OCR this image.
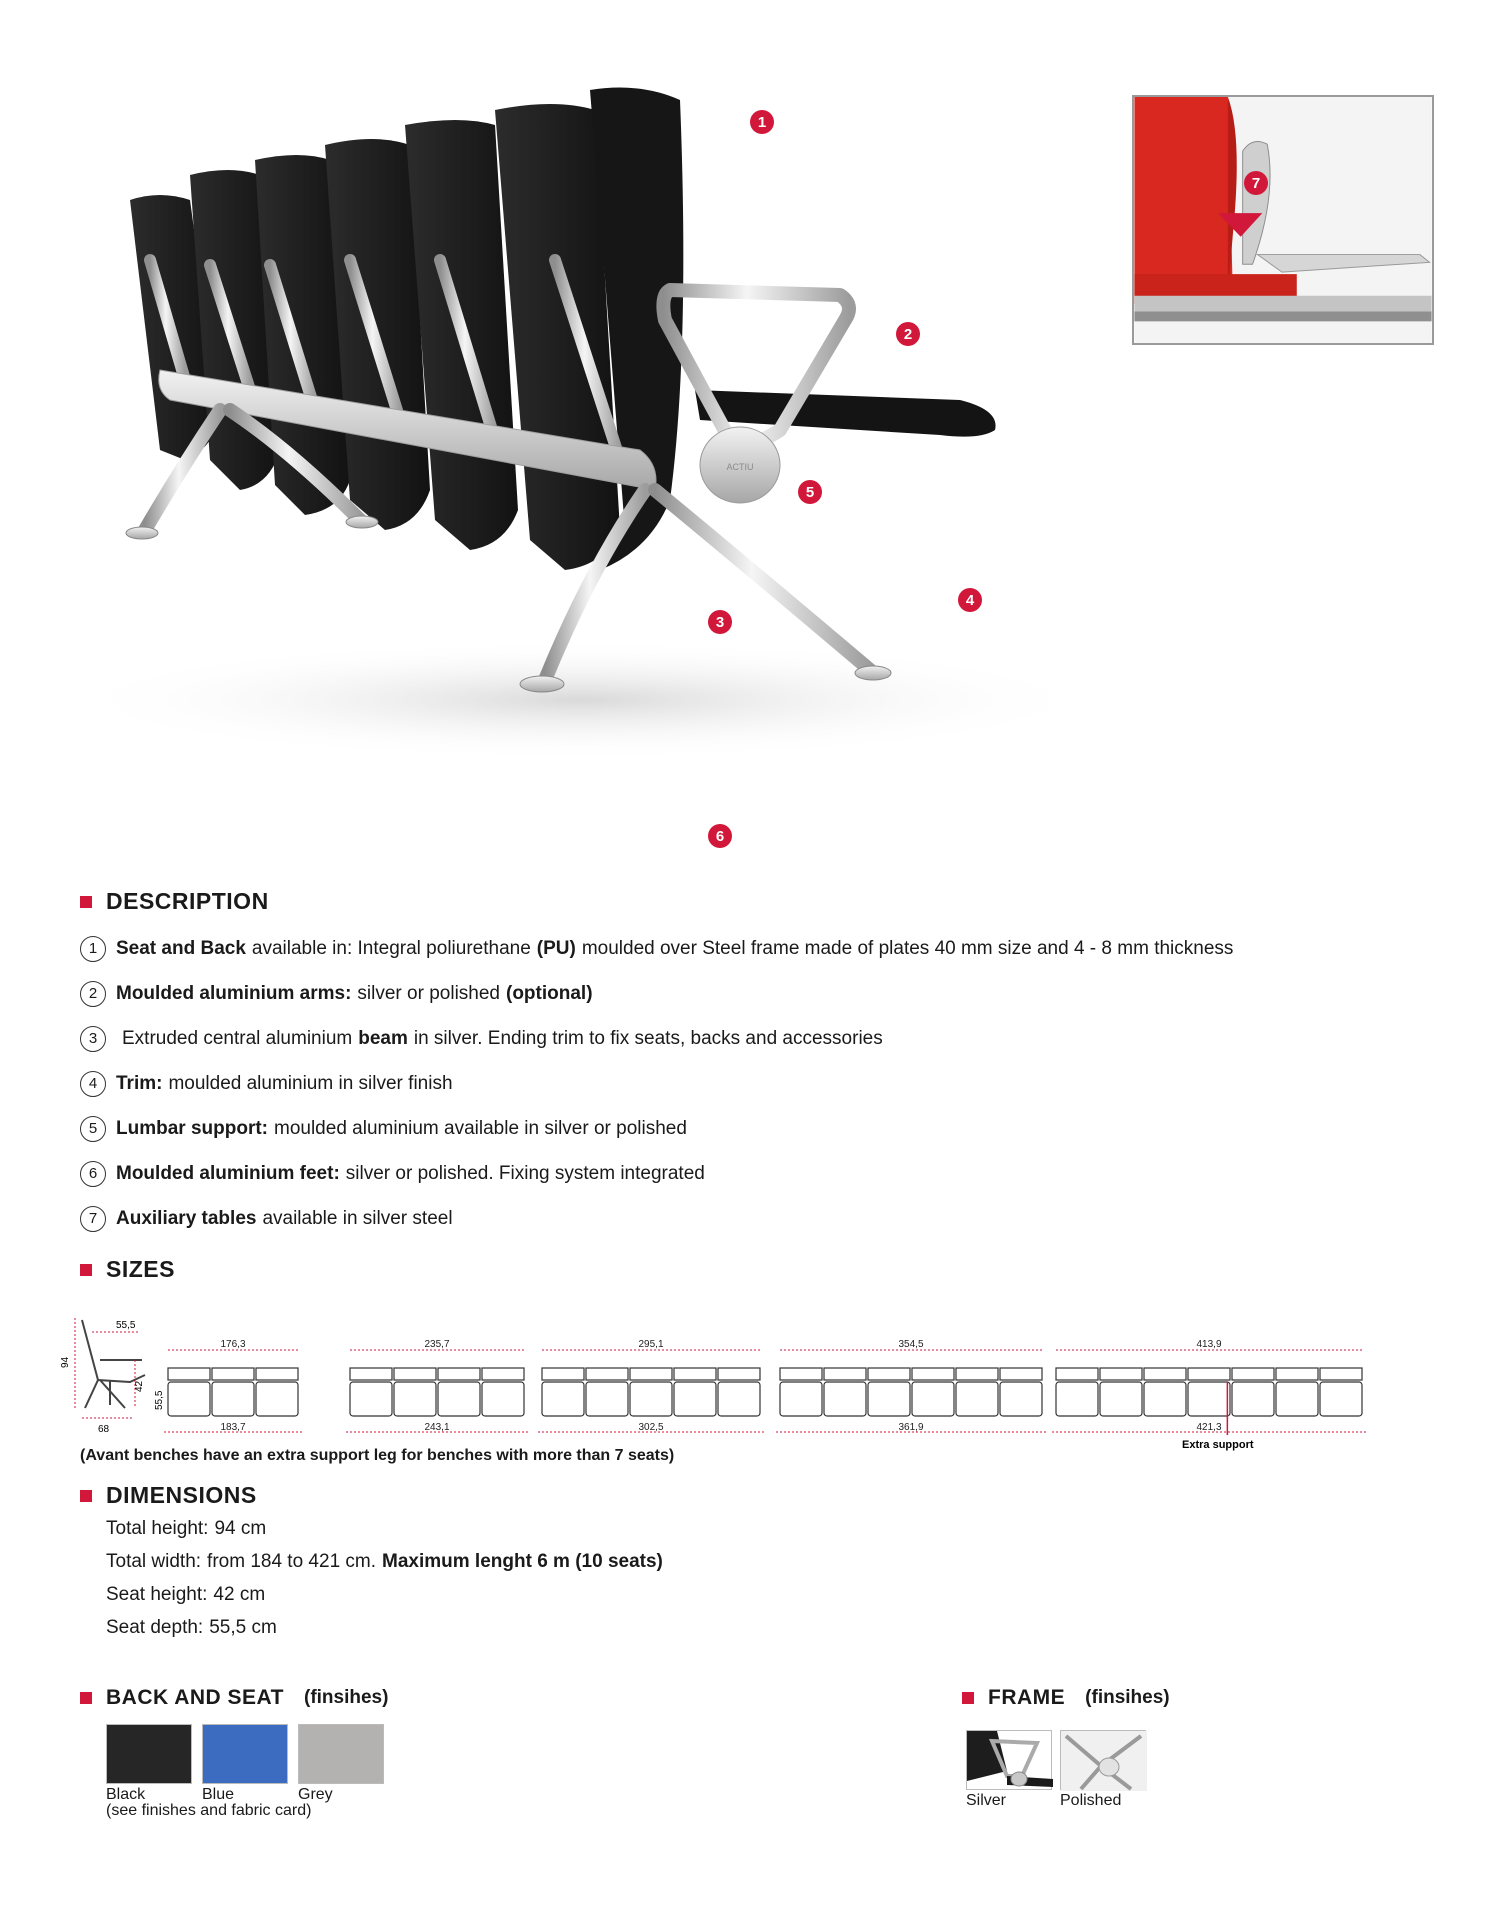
ACTIU
1
2
3
4
5
6
7
DESCRIPTION
1 Seat and Back available in: Integral poliurethane (PU) moulded over Steel frame made of plates 40 mm size and 4 - 8 mm thickness
2 Moulded aluminium arms: silver or polished (optional)
3	Extruded central aluminium beam in silver. Ending trim to fix seats, backs and accessories
4 Trim: moulded aluminium in silver finish
5 Lumbar support: moulded aluminium available in silver or polished
6 Moulded aluminium feet: silver or polished. Fixing system integrated
7 Auxiliary tables available in silver steel
SIZES
55,5
94
42
68
55,5
176,3
183,7
235,7
243,1
295,1
302,5
354,5
361,9
413,9
421,3
Extra support
(Avant benches have an extra support leg for benches with more than 7 seats)
DIMENSIONS
Total height: 94 cm
Total width: from 184 to 421 cm. Maximum lenght 6 m (10 seats)
Seat height: 42 cm
Seat depth: 55,5 cm
BACK AND SEAT (finsihes)
Black	Blue	Grey
(see finishes and fabric card)
FRAME (finsihes)
Silver	Polished
